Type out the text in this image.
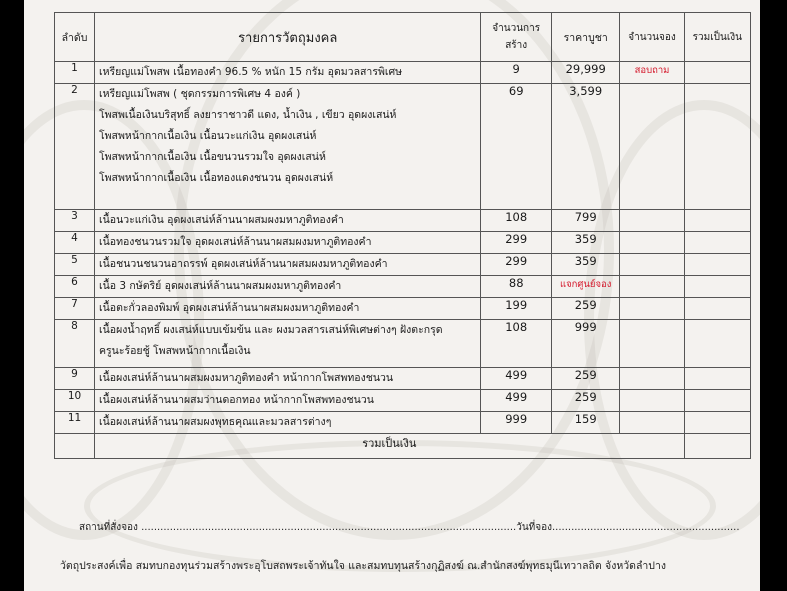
ลำดับ	รายการวัตถุมงคล	จำนวนการสร้าง	ราคาบูชา	จำนวนจอง	รวมเป็นเงิน
1	เหรียญแม่โพสพ เนื้อทองคำ 96.5 % หนัก 15 กรัม อุดมวลสารพิเศษ	9	29,999	สอบถาม	
2	เหรียญแม่โพสพ ( ชุดกรรมการพิเศษ 4 องค์ )
โพสพเนื้อเงินบริสุทธิ์ ลงยาราชาวดี แดง, น้ำเงิน , เขียว อุดผงเสน่ห์
โพสพหน้ากากเนื้อเงิน เนื้อนวะแก่เงิน อุดผงเสน่ห์
โพสพหน้ากากเนื้อเงิน เนื้อขนวนรวมใจ อุดผงเสน่ห์
โพสพหน้ากากเนื้อเงิน เนื้อทองแดงชนวน อุดผงเสน่ห์	69	3,599		
3	เนื้อนวะแก่เงิน อุดผงเสน่ห์ล้านนาผสมผงมหาภูติทองคำ	108	799		
4	เนื้อทองชนวนรวมใจ อุดผงเสน่ห์ล้านนาผสมผงมหาภูติทองคำ	299	359		
5	เนื้อชนวนชนวนอาถรรพ์ อุดผงเสน่ห์ล้านนาผสมผงมหาภูติทองคำ	299	359		
6	เนื้อ 3 กษัตริย์ อุดผงเสน่ห์ล้านนาผสมผงมหาภูติทองคำ	88	แจกศูนย์จอง		
7	เนื้อตะกั่วลองพิมพ์ อุดผงเสน่ห์ล้านนาผสมผงมหาภูติทองคำ	199	259		
8	เนื้อผงน้ำฤทธิ์ ผงเสน่ห์แบบเข้มข้น และ ผงมวลสารเสน่ห์พิเศษต่างๆ ฝังตะกรุด
ครูนะร้อยชู้ โพสพหน้ากากเนื้อเงิน	108	999		
9	เนื้อผงเสน่ห์ล้านนาผสมผงมหาภูติทองคำ หน้ากากโพสพทองชนวน	499	259		
10	เนื้อผงเสน่ห์ล้านนาผสมว่านดอกทอง หน้ากากโพสพทองชนวน	499	259		
11	เนื้อผงเสน่ห์ล้านนาผสมผงพุทธคุณและมวลสารต่างๆ	999	159		
	รวมเป็นเงิน				
สถานที่สั่งจอง ......................................................................................................................วันที่จอง...........................................................
วัตถุประสงค์เพื่อ สมทบกองทุนร่วมสร้างพระอุโบสถพระเจ้าทันใจ และสมทบทุนสร้างกุฏิสงฆ์ ณ.สำนักสงฆ์พุทธมุนีเทวาลถิต จังหวัดลำปาง
